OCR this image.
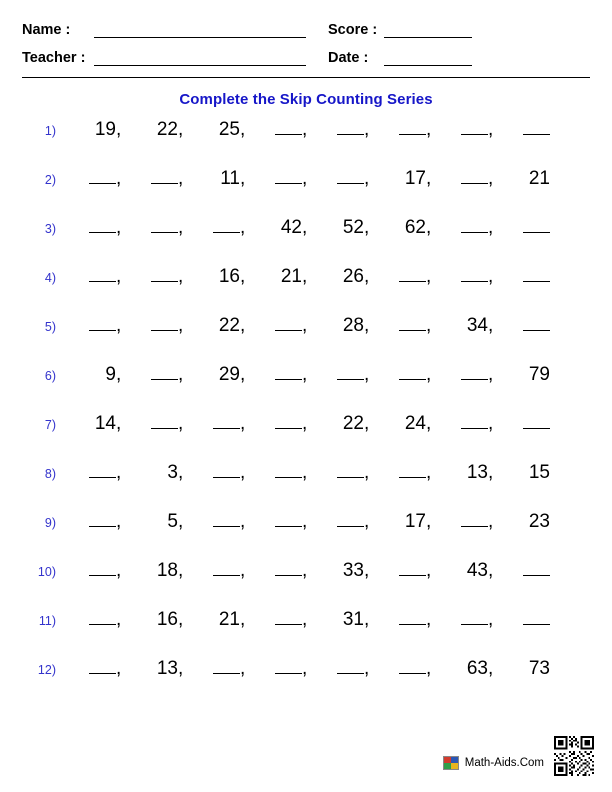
Name :	Score :
Teacher :	Date :
Complete the Skip Counting Series
1)	19,	22,	25,	,	,	,	,
2)	,	,	11,	,	,	17,	,	21
3)	,	,	,	42,	52,	62,	,
4)	,	,	16,	21,	26,	,	,
5)	,	,	22,	,	28,	,	34,
6)	9,	,	29,	,	,	,	,	79
7)	14,	,	,	,	22,	24,	,
8)	,	3,	,	,	,	,	13,	15
9)	,	5,	,	,	,	17,	,	23
10)	,	18,	,	,	33,	,	43,
11)	,	16,	21,	,	31,	,	,
12)	,	13,	,	,	,	,	63,	73
Math-Aids.Com
